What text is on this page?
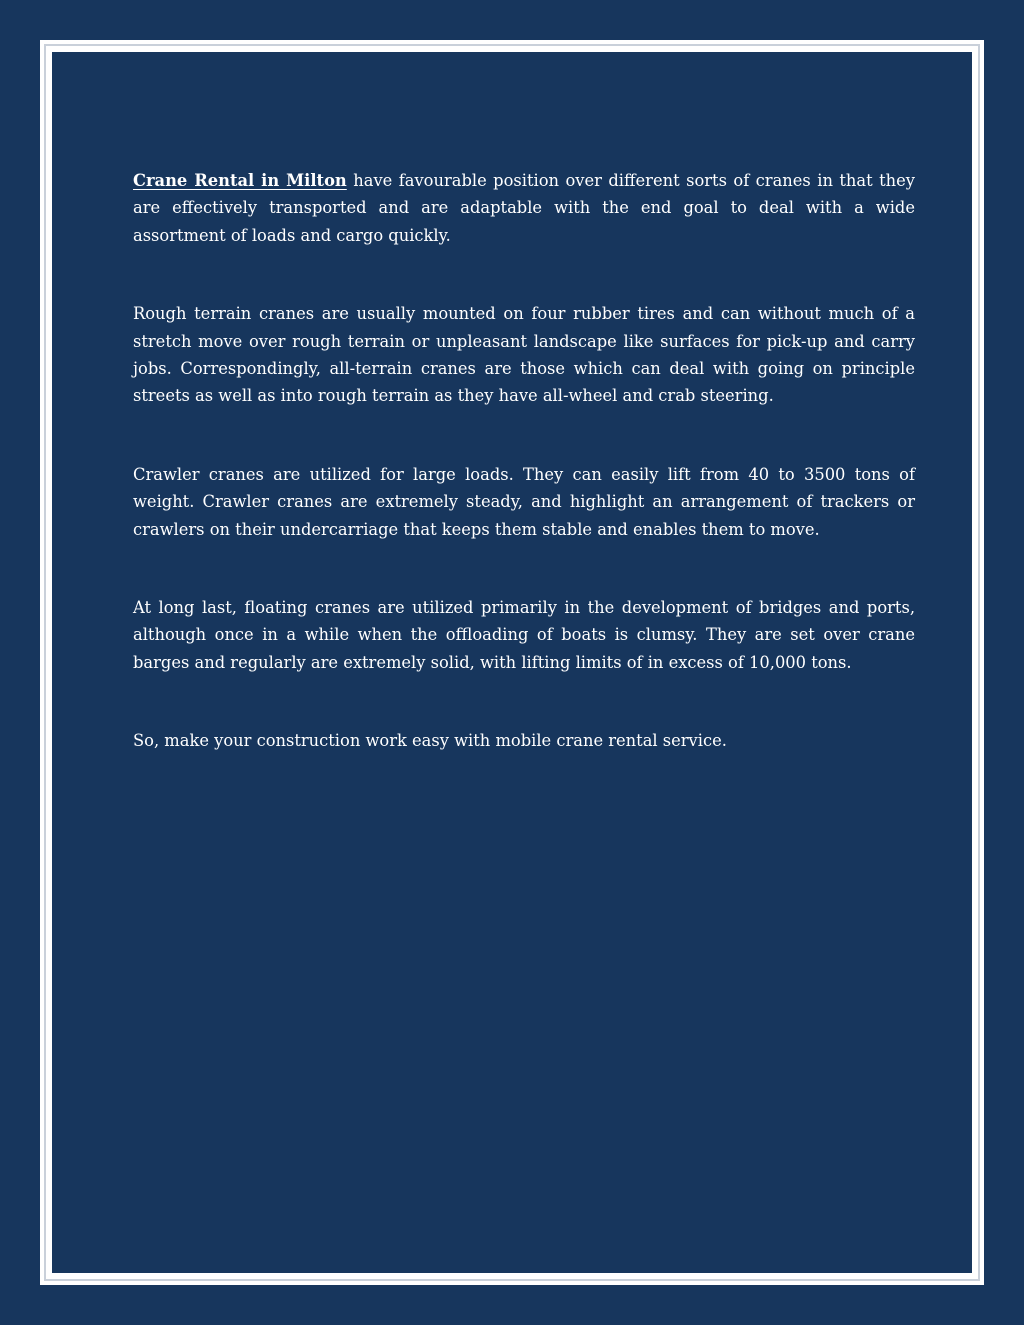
Crane Rental in Milton have favourable position over different sorts of cranes in that they are effectively transported and are adaptable with the end goal to deal with a wide assortment of loads and cargo quickly.

Rough terrain cranes are usually mounted on four rubber tires and can without much of a stretch move over rough terrain or unpleasant landscape like surfaces for pick-up and carry jobs. Correspondingly, all-terrain cranes are those which can deal with going on principle streets as well as into rough terrain as they have all-wheel and crab steering.

Crawler cranes are utilized for large loads. They can easily lift from 40 to 3500 tons of weight. Crawler cranes are extremely steady, and highlight an arrangement of trackers or crawlers on their undercarriage that keeps them stable and enables them to move.

At long last, floating cranes are utilized primarily in the development of bridges and ports, although once in a while when the offloading of boats is clumsy. They are set over crane barges and regularly are extremely solid, with lifting limits of in excess of 10,000 tons.

So, make your construction work easy with mobile crane rental service.
